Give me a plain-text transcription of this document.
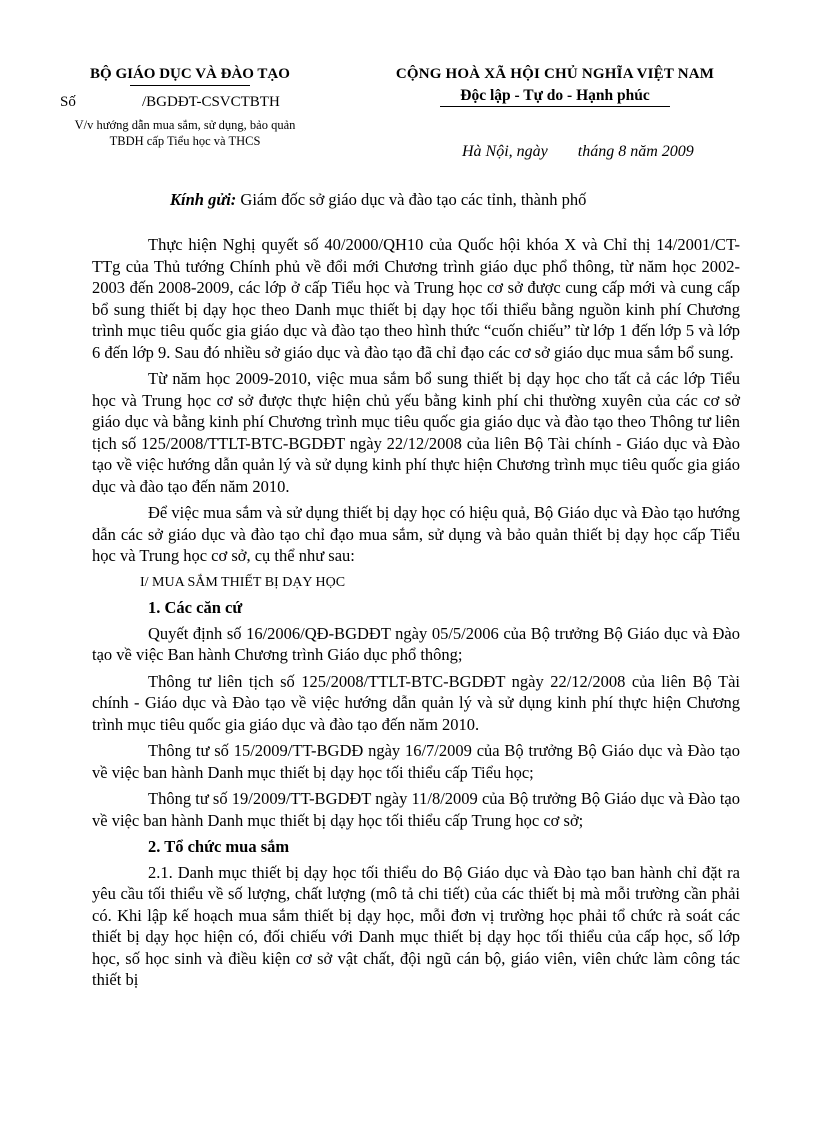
BỘ GIÁO DỤC VÀ ĐÀO TẠO
Số	/BGDĐT-CSVCTBTH
V/v hướng dẫn mua sắm, sử dụng, bảo quản TBDH cấp Tiểu học và THCS
CỘNG HOÀ XÃ HỘI CHỦ NGHĨA VIỆT NAM
Độc lập - Tự do - Hạnh phúc
Hà Nội, ngày tháng 8 năm 2009
Kính gửi: Giám đốc sở giáo dục và đào tạo các tỉnh, thành phố

Thực hiện Nghị quyết số 40/2000/QH10 của Quốc hội khóa X và Chỉ thị 14/2001/CT-TTg của Thủ tướng Chính phủ về đổi mới Chương trình giáo dục phổ thông, từ năm học 2002-2003 đến 2008-2009, các lớp ở cấp Tiểu học và Trung học cơ sở được cung cấp mới và cung cấp bổ sung thiết bị dạy học theo Danh mục thiết bị dạy học tối thiểu bằng nguồn kinh phí Chương trình mục tiêu quốc gia giáo dục và đào tạo theo hình thức “cuốn chiếu” từ lớp 1 đến lớp 5 và lớp 6 đến lớp 9. Sau đó nhiều sở giáo dục và đào tạo đã chỉ đạo các cơ sở giáo dục mua sắm bổ sung.

Từ năm học 2009-2010, việc mua sắm bổ sung thiết bị dạy học cho tất cả các lớp Tiểu học và Trung học cơ sở được thực hiện chủ yếu bằng kinh phí chi thường xuyên của các cơ sở giáo dục và bằng kinh phí Chương trình mục tiêu quốc gia giáo dục và đào tạo theo Thông tư liên tịch số 125/2008/TTLT-BTC-BGDĐT ngày 22/12/2008 của liên Bộ Tài chính - Giáo dục và Đào tạo về việc hướng dẫn quản lý và sử dụng kinh phí thực hiện Chương trình mục tiêu quốc gia giáo dục và đào tạo đến năm 2010.

Để việc mua sắm và sử dụng thiết bị dạy học có hiệu quả, Bộ Giáo dục và Đào tạo hướng dẫn các sở giáo dục và đào tạo chỉ đạo mua sắm, sử dụng và bảo quản thiết bị dạy học cấp Tiểu học và Trung học cơ sở, cụ thể như sau:

I/ MUA SẮM THIẾT BỊ DẠY HỌC
1. Các căn cứ

Quyết định số 16/2006/QĐ-BGDĐT ngày 05/5/2006 của Bộ trưởng Bộ Giáo dục và Đào tạo về việc Ban hành Chương trình Giáo dục phổ thông;

Thông tư liên tịch số 125/2008/TTLT-BTC-BGDĐT ngày 22/12/2008 của liên Bộ Tài chính - Giáo dục và Đào tạo về việc hướng dẫn quản lý và sử dụng kinh phí thực hiện Chương trình mục tiêu quốc gia giáo dục và đào tạo đến năm 2010.

Thông tư số 15/2009/TT-BGDĐ ngày 16/7/2009 của Bộ trưởng Bộ Giáo dục và Đào tạo về việc ban hành Danh mục thiết bị dạy học tối thiểu cấp Tiểu học;

Thông tư số 19/2009/TT-BGDĐT ngày 11/8/2009 của Bộ trưởng Bộ Giáo dục và Đào tạo về việc ban hành Danh mục thiết bị dạy học tối thiểu cấp Trung học cơ sở;

2. Tổ chức mua sắm

2.1. Danh mục thiết bị dạy học tối thiểu do Bộ Giáo dục và Đào tạo ban hành chỉ đặt ra yêu cầu tối thiểu về số lượng, chất lượng (mô tả chi tiết) của các thiết bị mà mỗi trường cần phải có. Khi lập kế hoạch mua sắm thiết bị dạy học, mỗi đơn vị trường học phải tổ chức rà soát các thiết bị dạy học hiện có, đối chiếu với Danh mục thiết bị dạy học tối thiểu của cấp học, số lớp học, số học sinh và điều kiện cơ sở vật chất, đội ngũ cán bộ, giáo viên, viên chức làm công tác thiết bị
